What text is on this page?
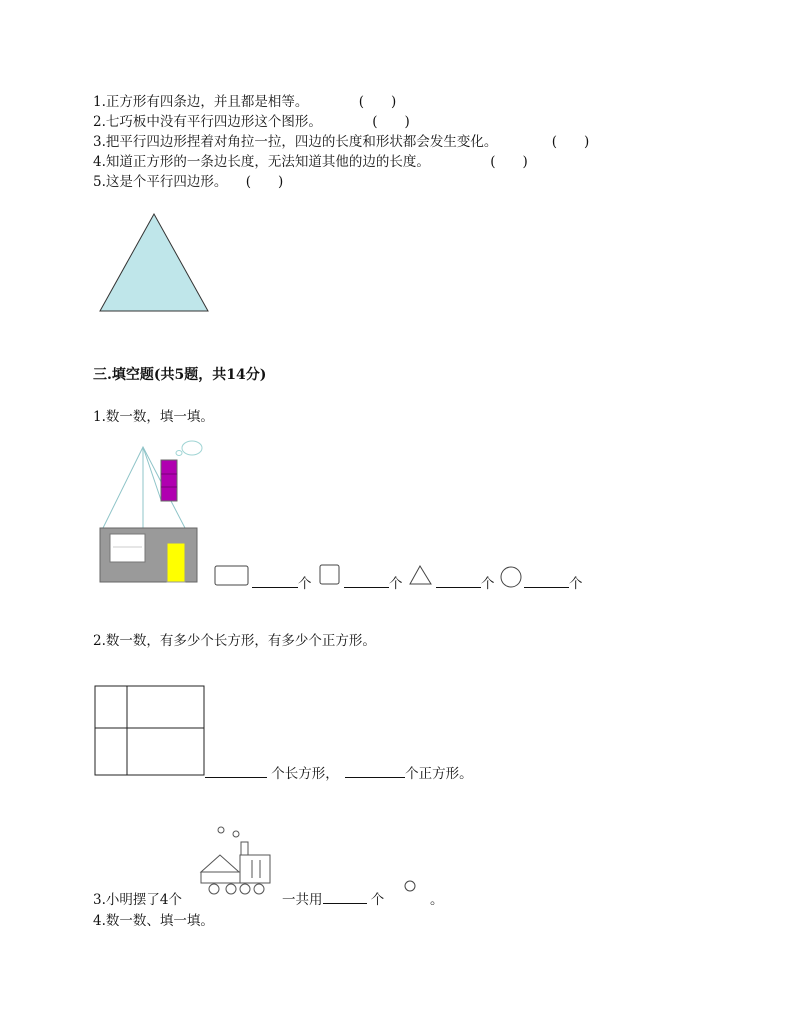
1.正方形有四条边，并且都是相等。	(　　)
2.七巧板中没有平行四边形这个图形。	(　　)
3.把平行四边形捏着对角拉一拉，四边的长度和形状都会发生变化。	(　　)
4.知道正方形的一条边长度，无法知道其他的边的长度。	(　　)
5.这是个平行四边形。 (　　)
三.填空题(共5题，共14分)
1.数一数，填一填。
个	个	个	个
2.数一数，有多少个长方形，有多少个正方形。
个长方形，	个正方形。
3.小明摆了4个	一共用	个	。
4.数一数、填一填。
